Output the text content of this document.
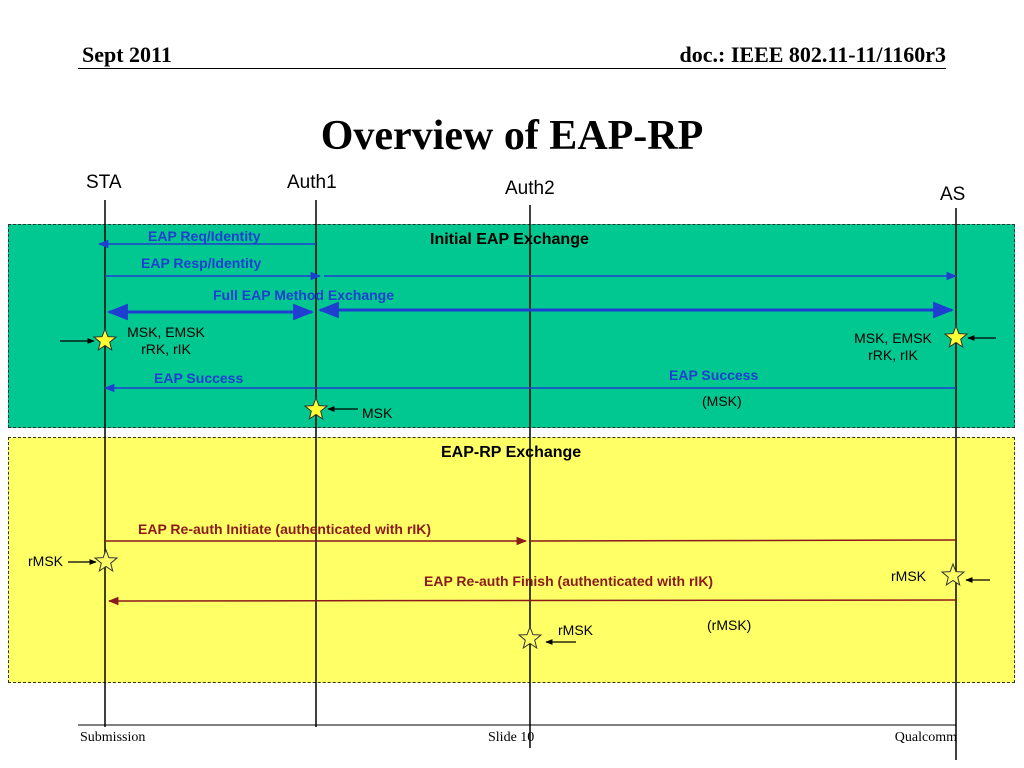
Sept 2011	doc.: IEEE 802.11-11/1160r3
Overview of EAP-RP
STA	Auth1	Auth2	AS
Initial EAP Exchange
EAP Req/Identity
EAP Resp/Identity
Full EAP Method Exchange
EAP Success	EAP Success
(MSK)
MSK, EMSK
rRK, rIK
MSK, EMSK
rRK, rIK
MSK
EAP-RP Exchange
EAP Re-auth Initiate (authenticated with rIK)
EAP Re-auth Finish (authenticated with rIK)
(rMSK)
rMSK
rMSK
rMSK
Submission	Slide 10	Qualcomm
